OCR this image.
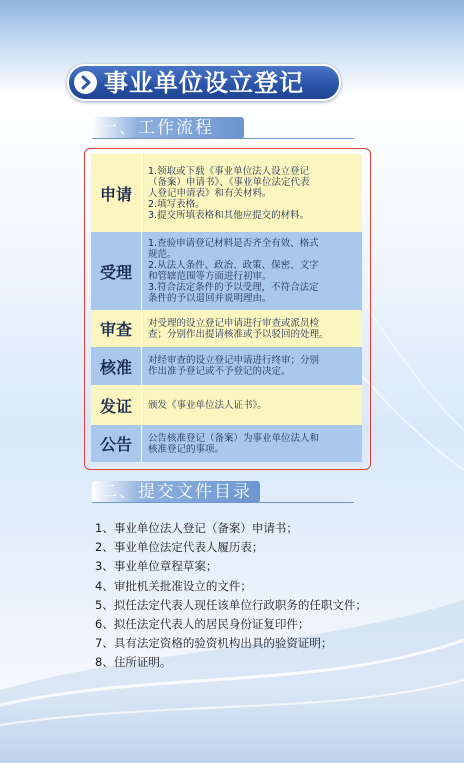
事业单位设立登记
一、工作流程
申请
1.领取或下载《事业单位法人设立登记
（备案）申请书》、《事业单位法定代表
人登记申请表》和有关材料。
2.填写表格。
3.提交所填表格和其他应提交的材料。
受理
1.查验申请登记材料是否齐全有效、格式
规范。
2.从法人条件、政治、政策、保密、文字
和管辖范围等方面进行初审。
3.符合法定条件的予以受理，不符合法定
条件的予以退回并说明理由。
审查	对受理的设立登记申请进行审查或派员检
查；分别作出提请核准或予以驳回的处理。
核准	对经审查的设立登记申请进行终审；分别
作出准予登记或不予登记的决定。
发证	颁发《事业单位法人证书》。
公告	公告核准登记（备案）为事业单位法人和
核准登记的事项。
二、提交文件目录
1、事业单位法人登记（备案）申请书；
2、事业单位法定代表人履历表；
3、事业单位章程草案；
4、审批机关批准设立的文件；
5、拟任法定代表人现任该单位行政职务的任职文件；
6、拟任法定代表人的居民身份证复印件；
7、具有法定资格的验资机构出具的验资证明；
8、住所证明。
